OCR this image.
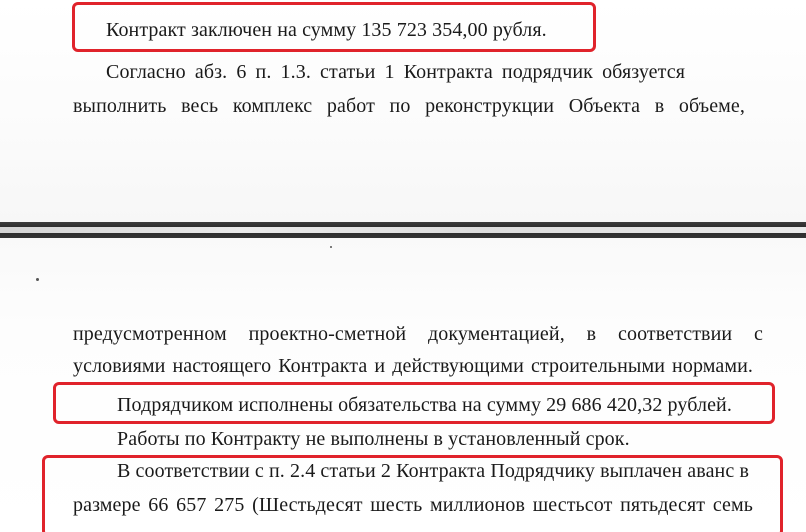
Контракт заключен на сумму 135 723 354,00 рубля.
Согласно абз. 6 п. 1.3. статьи 1 Контракта подрядчик обязуется
выполнить весь комплекс работ по реконструкции Объекта в объеме,
предусмотренном проектно-сметной документацией, в соответствии с
условиями настоящего Контракта и действующими строительными нормами.
Подрядчиком исполнены обязательства на сумму 29 686 420,32 рублей.
Работы по Контракту не выполнены в установленный срок.
В соответствии с п. 2.4 статьи 2 Контракта Подрядчику выплачен аванс в
размере 66 657 275 (Шестьдесят шесть миллионов шестьсот пятьдесят семь
